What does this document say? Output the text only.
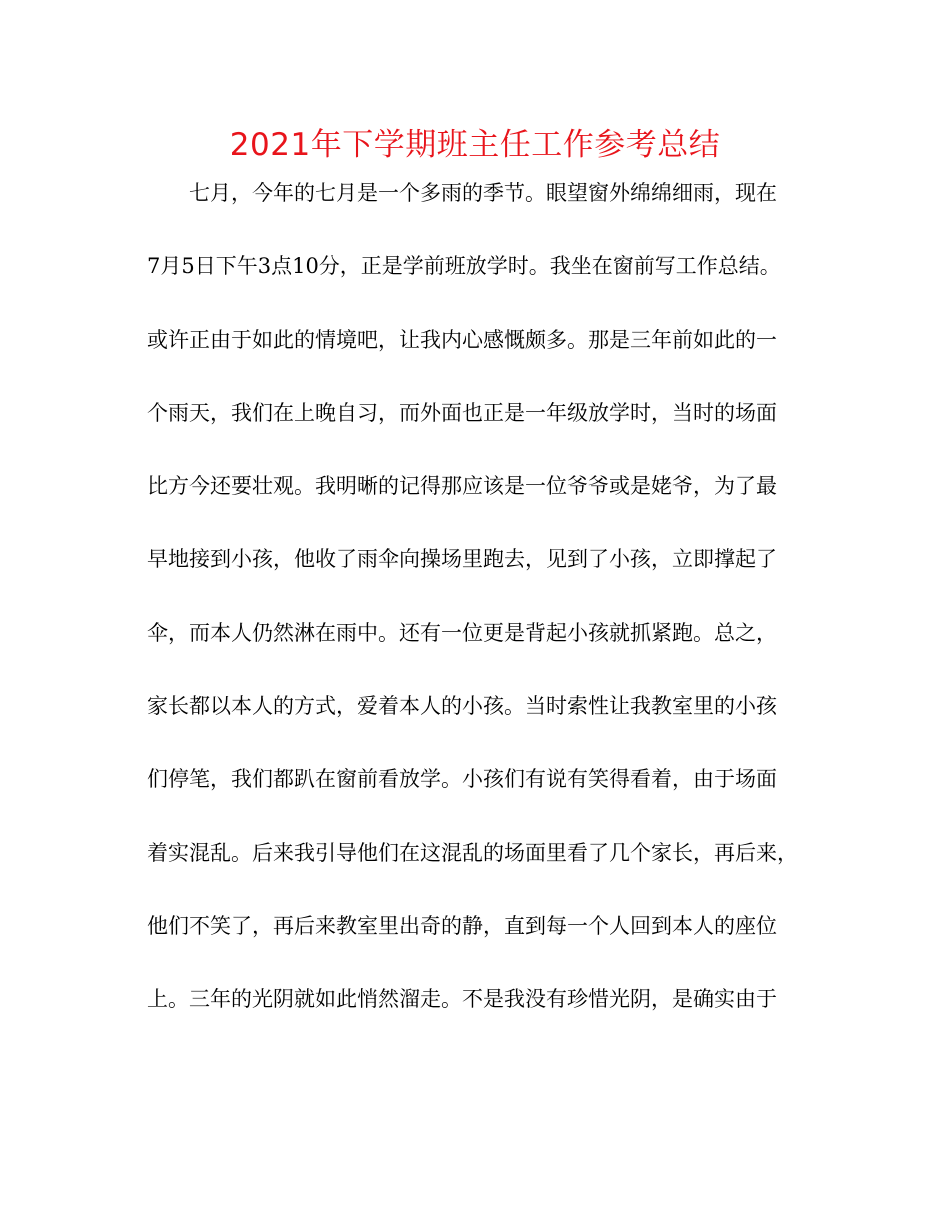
2021年下学期班主任工作参考总结
七月，今年的七月是一个多雨的季节。眼望窗外绵绵细雨，现在
7月5日下午3点10分，正是学前班放学时。我坐在窗前写工作总结。
或许正由于如此的情境吧，让我内心感慨颇多。那是三年前如此的一
个雨天，我们在上晚自习，而外面也正是一年级放学时，当时的场面
比方今还要壮观。我明晰的记得那应该是一位爷爷或是姥爷，为了最
早地接到小孩，他收了雨伞向操场里跑去，见到了小孩，立即撑起了
伞，而本人仍然淋在雨中。还有一位更是背起小孩就抓紧跑。总之，
家长都以本人的方式，爱着本人的小孩。当时索性让我教室里的小孩
们停笔，我们都趴在窗前看放学。小孩们有说有笑得看着，由于场面
着实混乱。后来我引导他们在这混乱的场面里看了几个家长，再后来，
他们不笑了，再后来教室里出奇的静，直到每一个人回到本人的座位
上。三年的光阴就如此悄然溜走。不是我没有珍惜光阴，是确实由于
